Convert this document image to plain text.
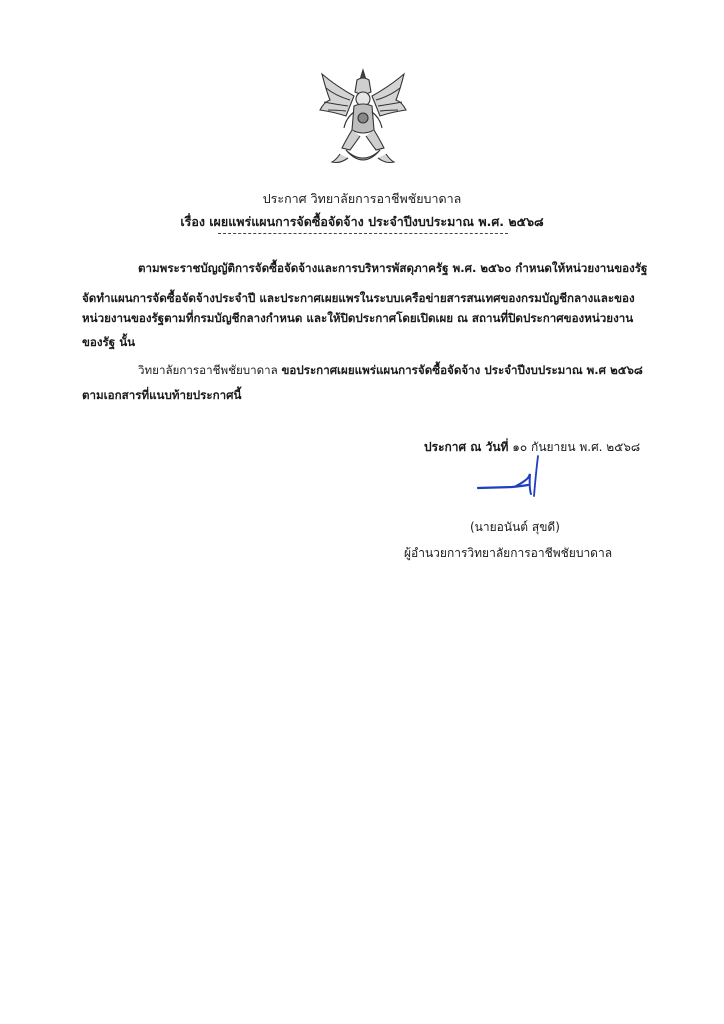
ประกาศ วิทยาลัยการอาชีพชัยบาดาล
เรื่อง เผยแพร่แผนการจัดซื้อจัดจ้าง ประจำปีงบประมาณ พ.ศ. ๒๕๖๘
ตามพระราชบัญญัติการจัดซื้อจัดจ้างและการบริหารพัสดุภาครัฐ พ.ศ. ๒๕๖๐ กำหนดให้หน่วยงานของรัฐ
จัดทำแผนการจัดซื้อจัดจ้างประจำปี และประกาศเผยแพรในระบบเครือข่ายสารสนเทศของกรมบัญชีกลางและของ
หน่วยงานของรัฐตามที่กรมบัญชีกลางกำหนด และให้ปิดประกาศโดยเปิดเผย ณ สถานที่ปิดประกาศของหน่วยงาน
ของรัฐ นั้น
วิทยาลัยการอาชีพชัยบาดาล ขอประกาศเผยแพร่แผนการจัดซื้อจัดจ้าง ประจำปีงบประมาณ พ.ศ ๒๕๖๘
ตามเอกสารที่แนบท้ายประกาศนี้
ประกาศ ณ วันที่ ๑๐ กันยายน พ.ศ. ๒๕๖๘
(นายอนันต์ สุขดี)
ผู้อำนวยการวิทยาลัยการอาชีพชัยบาดาล
